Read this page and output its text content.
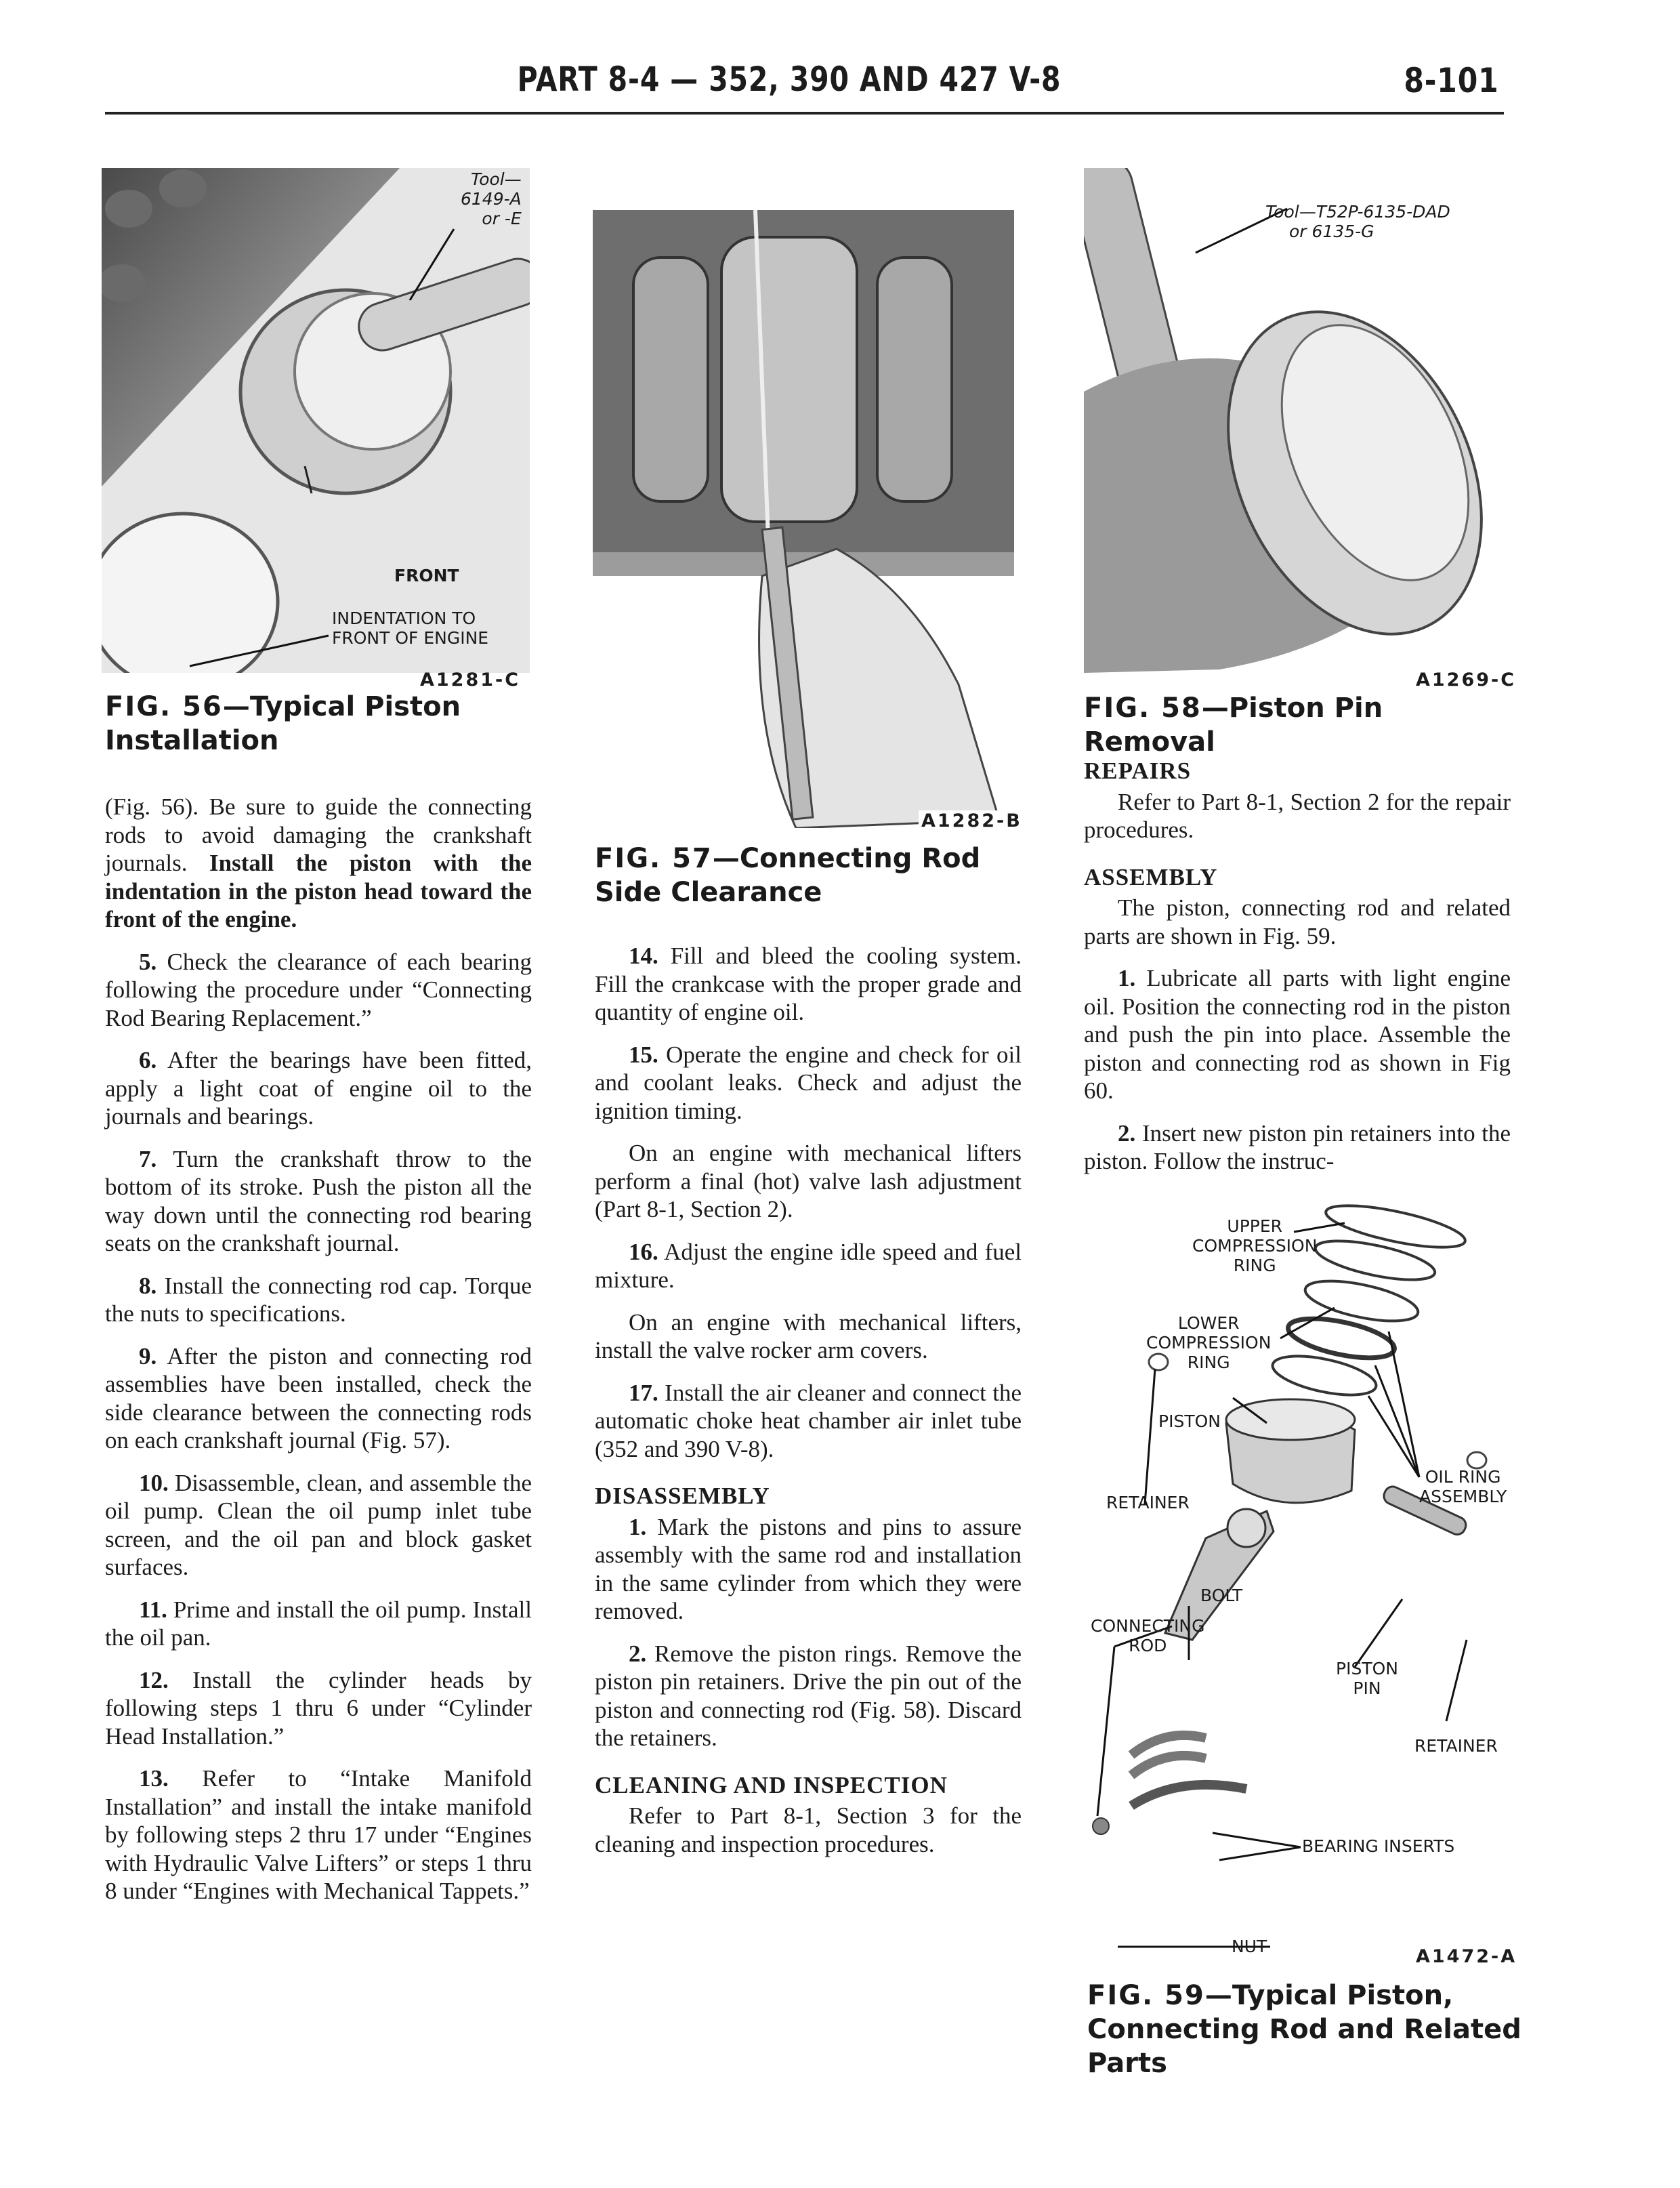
PART 8-4 — 352, 390 AND 427 V-8	8-101
Tool—
6149-A
or -E
FRONT
INDENTATION TO
FRONT OF ENGINE
A1281-C
FIG. 56—Typical Piston Installation
A1282-B
FIG. 57—Connecting Rod Side Clearance
Tool—T52P-6135-DAD
or 6135-G
A1269-C
FIG. 58—Piston Pin Removal
UPPER
COMPRESSION
RING
LOWER
COMPRESSION
RING
PISTON
RETAINER
OIL RING
ASSEMBLY
BOLT
CONNECTING
ROD
PISTON
PIN
RETAINER
BEARING INSERTS
NUT	A1472-A
FIG. 59—Typical Piston, Connecting Rod and Related Parts

(Fig. 56). Be sure to guide the connecting rods to avoid damaging the crankshaft journals. Install the piston with the indentation in the piston head toward the front of the engine.

5. Check the clearance of each bearing following the procedure under “Connecting Rod Bearing Replacement.”

6. After the bearings have been fitted, apply a light coat of engine oil to the journals and bearings.

7. Turn the crankshaft throw to the bottom of its stroke. Push the piston all the way down until the connecting rod bearing seats on the crankshaft journal.

8. Install the connecting rod cap. Torque the nuts to specifications.

9. After the piston and connecting rod assemblies have been installed, check the side clearance between the connecting rods on each crankshaft journal (Fig. 57).

10. Disassemble, clean, and assemble the oil pump. Clean the oil pump inlet tube screen, and the oil pan and block gasket surfaces.

11. Prime and install the oil pump. Install the oil pan.

12. Install the cylinder heads by following steps 1 thru 6 under “Cylinder Head Installation.”

13. Refer to “Intake Manifold Installation” and install the intake manifold by following steps 2 thru 17 under “Engines with Hydraulic Valve Lifters” or steps 1 thru 8 under “Engines with Mechanical Tappets.”

14. Fill and bleed the cooling system. Fill the crankcase with the proper grade and quantity of engine oil.

15. Operate the engine and check for oil and coolant leaks. Check and adjust the ignition timing.

On an engine with mechanical lifters perform a final (hot) valve lash adjustment (Part 8-1, Section 2).

16. Adjust the engine idle speed and fuel mixture.

On an engine with mechanical lifters, install the valve rocker arm covers.

17. Install the air cleaner and connect the automatic choke heat chamber air inlet tube (352 and 390 V-8).

DISASSEMBLY

1. Mark the pistons and pins to assure assembly with the same rod and installation in the same cylinder from which they were removed.

2. Remove the piston rings. Remove the piston pin retainers. Drive the pin out of the piston and connecting rod (Fig. 58). Discard the retainers.

CLEANING AND INSPECTION

Refer to Part 8-1, Section 3 for the cleaning and inspection procedures.

REPAIRS

Refer to Part 8-1, Section 2 for the repair procedures.

ASSEMBLY

The piston, connecting rod and related parts are shown in Fig. 59.

1. Lubricate all parts with light engine oil. Position the connecting rod in the piston and push the pin into place. Assemble the piston and connecting rod as shown in Fig 60.

2. Insert new piston pin retainers into the piston. Follow the instruc-
